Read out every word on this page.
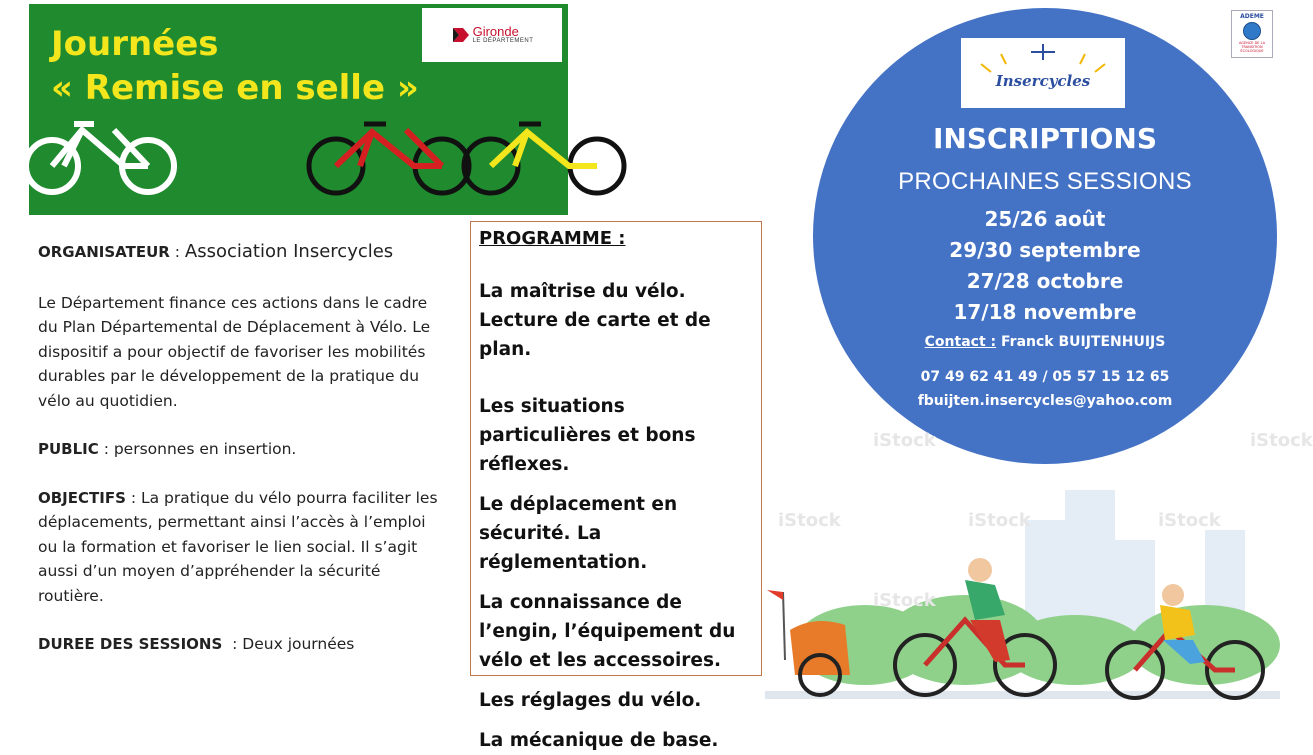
Journées
« Remise en selle »
Gironde
LE DÉPARTEMENT

ORGANISATEUR : Association Insercycles

Le Département finance ces actions dans le cadre du Plan Départemental de Déplacement à Vélo. Le dispositif a pour objectif de favoriser les mobilités durables par le développement de la pratique du vélo au quotidien.

PUBLIC : personnes en insertion.

OBJECTIFS : La pratique du vélo pourra faciliter les déplacements, permettant ainsi l’accès à l’emploi ou la formation et favoriser le lien social. Il s’agit aussi d’un moyen d’appréhender la sécurité routière.

DUREE DES SESSIONS  : Deux journées

PROGRAMME :
La maîtrise du vélo.
Lecture de carte et de plan.
Les situations particulières et bons réflexes.
Le déplacement en sécurité. La réglementation.
La connaissance de l’engin, l’équipement du vélo et les accessoires.
Les réglages du vélo.
La mécanique de base.
Insercycles
INSCRIPTIONS
PROCHAINES SESSIONS
25/26 août
29/30 septembre
27/28 octobre
17/18 novembre
Contact : Franck BUIJTENHUIJS
07 49 62 41 49 / 05 57 15 12 65
fbuijten.insercycles@yahoo.com
ADEME
AGENCE DE LA TRANSITION ÉCOLOGIQUE
iStock	iStock
iStock	iStock	iStock
iStock
